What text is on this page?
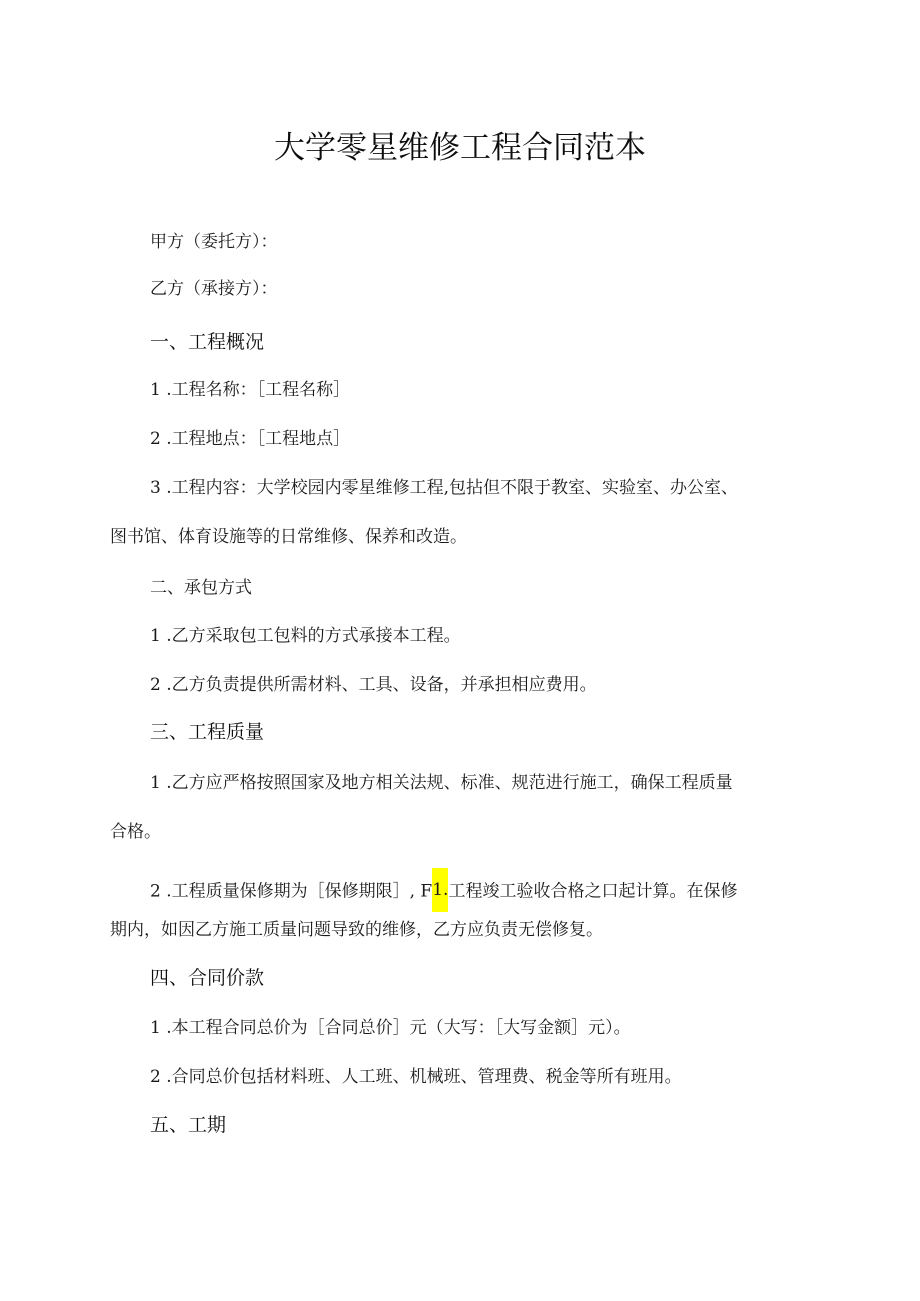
大学零星维修工程合同范本
甲方（委托方）：
乙方（承接方）：
一、工程概况
1 .工程名称：［工程名称］
2 .工程地点：［工程地点］
3 .工程内容：大学校园内零星维修工程,包拈但不限于教室、实验室、办公室、
图书馆、体育设施等的日常维修、保养和改造。
二、承包方式
1 .乙方采取包工包料的方式承接本工程。
2 .乙方负责提供所需材料、工具、设备，并承担相应费用。
三、工程质量
1 .乙方应严格按照国家及地方相关法规、标准、规范进行施工，确保工程质量
合格。
2 .工程质量保修期为［保修期限］, F1.工程竣工验收合格之口起计算。在保修
期内，如因乙方施工质量问题导致的维修，乙方应负责无偿修复。
四、合同价款
1 .本工程合同总价为［合同总价］元（大写：［大写金额］元）。
2 .合同总价包括材料班、人工班、机械班、管理费、税金等所有班用。
五、工期
